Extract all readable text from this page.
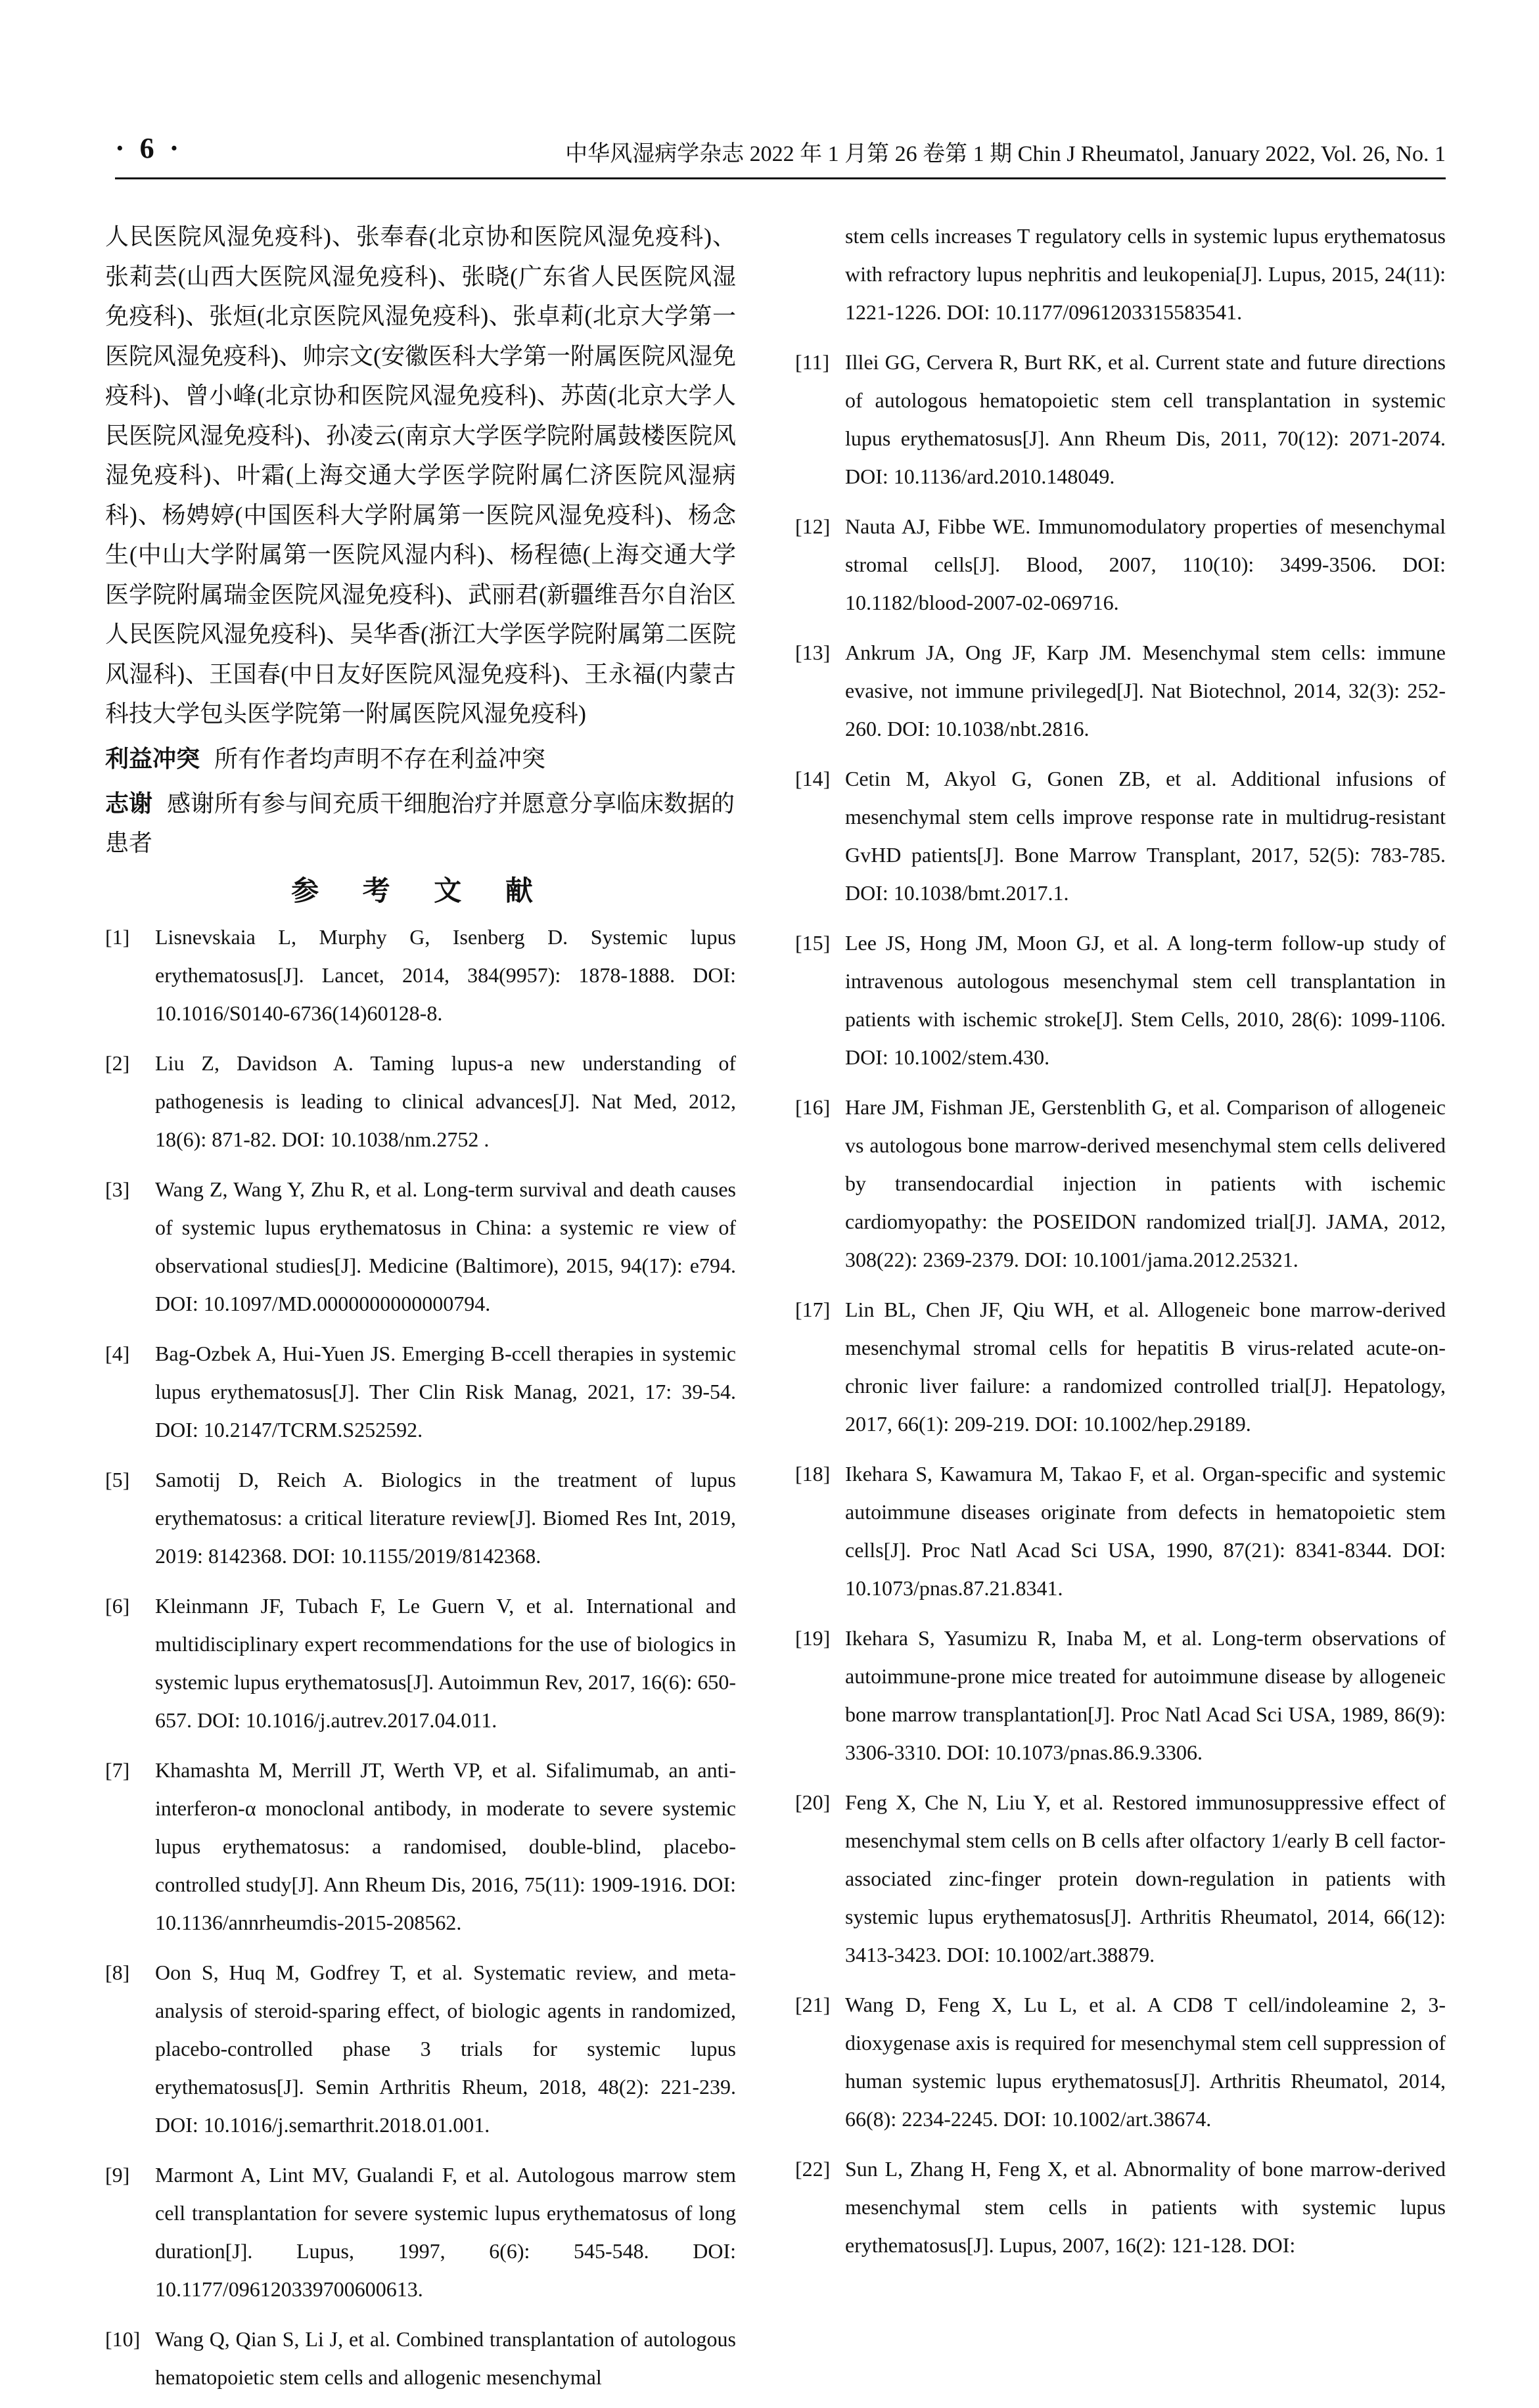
· 6 ·	中华风湿病学杂志 2022 年 1 月第 26 卷第 1 期 Chin J Rheumatol, January 2022, Vol. 26, No. 1

人民医院风湿免疫科)、张奉春(北京协和医院风湿免疫科)、张莉芸(山西大医院风湿免疫科)、张晓(广东省人民医院风湿免疫科)、张烜(北京医院风湿免疫科)、张卓莉(北京大学第一医院风湿免疫科)、帅宗文(安徽医科大学第一附属医院风湿免疫科)、曾小峰(北京协和医院风湿免疫科)、苏茵(北京大学人民医院风湿免疫科)、孙凌云(南京大学医学院附属鼓楼医院风湿免疫科)、叶霜(上海交通大学医学院附属仁济医院风湿病科)、杨娉婷(中国医科大学附属第一医院风湿免疫科)、杨念生(中山大学附属第一医院风湿内科)、杨程德(上海交通大学医学院附属瑞金医院风湿免疫科)、武丽君(新疆维吾尔自治区人民医院风湿免疫科)、吴华香(浙江大学医学院附属第二医院风湿科)、王国春(中日友好医院风湿免疫科)、王永福(内蒙古科技大学包头医学院第一附属医院风湿免疫科)

利益冲突 所有作者均声明不存在利益冲突

志谢 感谢所有参与间充质干细胞治疗并愿意分享临床数据的患者

参 考 文 献
[1]	Lisnevskaia L, Murphy G, Isenberg D. Systemic lupus erythematosus[J]. Lancet, 2014, 384(9957): 1878-1888. DOI: 10.1016/S0140-6736(14)60128-8.
[2]	Liu Z, Davidson A. Taming lupus-a new understanding of pathogenesis is leading to clinical advances[J]. Nat Med, 2012, 18(6): 871-82. DOI: 10.1038/nm.2752 .
[3]	Wang Z, Wang Y, Zhu R, et al. Long-term survival and death causes of systemic lupus erythematosus in China: a systemic re view of observational studies[J]. Medicine (Baltimore), 2015, 94(17): e794. DOI: 10.1097/MD.0000000000000794.
[4]	Bag-Ozbek A, Hui-Yuen JS. Emerging B-ccell therapies in systemic lupus erythematosus[J]. Ther Clin Risk Manag, 2021, 17: 39-54. DOI: 10.2147/TCRM.S252592.
[5]	Samotij D, Reich A. Biologics in the treatment of lupus erythematosus: a critical literature review[J]. Biomed Res Int, 2019, 2019: 8142368. DOI: 10.1155/2019/8142368.
[6]	Kleinmann JF, Tubach F, Le Guern V, et al. International and multidisciplinary expert recommendations for the use of biologics in systemic lupus erythematosus[J]. Autoimmun Rev, 2017, 16(6): 650-657. DOI: 10.1016/j.autrev.2017.04.011.
[7]	Khamashta M, Merrill JT, Werth VP, et al. Sifalimumab, an anti-interferon-α monoclonal antibody, in moderate to severe systemic lupus erythematosus: a randomised, double-blind, placebo-controlled study[J]. Ann Rheum Dis, 2016, 75(11): 1909-1916. DOI: 10.1136/annrheumdis-2015-208562.
[8]	Oon S, Huq M, Godfrey T, et al. Systematic review, and meta-analysis of steroid-sparing effect, of biologic agents in randomized, placebo-controlled phase 3 trials for systemic lupus erythematosus[J]. Semin Arthritis Rheum, 2018, 48(2): 221-239. DOI: 10.1016/j.semarthrit.2018.01.001.
[9]	Marmont A, Lint MV, Gualandi F, et al. Autologous marrow stem cell transplantation for severe systemic lupus erythematosus of long duration[J]. Lupus, 1997, 6(6): 545-548. DOI: 10.1177/096120339700600613.
[10] Wang Q, Qian S, Li J, et al. Combined transplantation of autologous hematopoietic stem cells and allogenic mesenchymal
stem cells increases T regulatory cells in systemic lupus erythematosus with refractory lupus nephritis and leukopenia[J]. Lupus, 2015, 24(11): 1221-1226. DOI: 10.1177/0961203315583541.
[11] Illei GG, Cervera R, Burt RK, et al. Current state and future directions of autologous hematopoietic stem cell transplantation in systemic lupus erythematosus[J]. Ann Rheum Dis, 2011, 70(12): 2071-2074. DOI: 10.1136/ard.2010.148049.
[12] Nauta AJ, Fibbe WE. Immunomodulatory properties of mesenchymal stromal cells[J]. Blood, 2007, 110(10): 3499-3506. DOI: 10.1182/blood-2007-02-069716.
[13] Ankrum JA, Ong JF, Karp JM. Mesenchymal stem cells: immune evasive, not immune privileged[J]. Nat Biotechnol, 2014, 32(3): 252-260. DOI: 10.1038/nbt.2816.
[14] Cetin M, Akyol G, Gonen ZB, et al. Additional infusions of mesenchymal stem cells improve response rate in multidrug-resistant GvHD patients[J]. Bone Marrow Transplant, 2017, 52(5): 783-785. DOI: 10.1038/bmt.2017.1.
[15] Lee JS, Hong JM, Moon GJ, et al. A long-term follow-up study of intravenous autologous mesenchymal stem cell transplantation in patients with ischemic stroke[J]. Stem Cells, 2010, 28(6): 1099-1106. DOI: 10.1002/stem.430.
[16] Hare JM, Fishman JE, Gerstenblith G, et al. Comparison of allogeneic vs autologous bone marrow-derived mesenchymal stem cells delivered by transendocardial injection in patients with ischemic cardiomyopathy: the POSEIDON randomized trial[J]. JAMA, 2012, 308(22): 2369-2379. DOI: 10.1001/jama.2012.25321.
[17] Lin BL, Chen JF, Qiu WH, et al. Allogeneic bone marrow-derived mesenchymal stromal cells for hepatitis B virus-related acute-on-chronic liver failure: a randomized controlled trial[J]. Hepatology, 2017, 66(1): 209-219. DOI: 10.1002/hep.29189.
[18] Ikehara S, Kawamura M, Takao F, et al. Organ-specific and systemic autoimmune diseases originate from defects in hematopoietic stem cells[J]. Proc Natl Acad Sci USA, 1990, 87(21): 8341-8344. DOI: 10.1073/pnas.87.21.8341.
[19] Ikehara S, Yasumizu R, Inaba M, et al. Long-term observations of autoimmune-prone mice treated for autoimmune disease by allogeneic bone marrow transplantation[J]. Proc Natl Acad Sci USA, 1989, 86(9): 3306-3310. DOI: 10.1073/pnas.86.9.3306.
[20] Feng X, Che N, Liu Y, et al. Restored immunosuppressive effect of mesenchymal stem cells on B cells after olfactory 1/early B cell factor-associated zinc-finger protein down-regulation in patients with systemic lupus erythematosus[J]. Arthritis Rheumatol, 2014, 66(12): 3413-3423. DOI: 10.1002/art.38879.
[21] Wang D, Feng X, Lu L, et al. A CD8 T cell/indoleamine 2, 3-dioxygenase axis is required for mesenchymal stem cell suppression of human systemic lupus erythematosus[J]. Arthritis Rheumatol, 2014, 66(8): 2234-2245. DOI: 10.1002/art.38674.
[22] Sun L, Zhang H, Feng X, et al. Abnormality of bone marrow-derived mesenchymal stem cells in patients with systemic lupus erythematosus[J]. Lupus, 2007, 16(2): 121-128. DOI:
